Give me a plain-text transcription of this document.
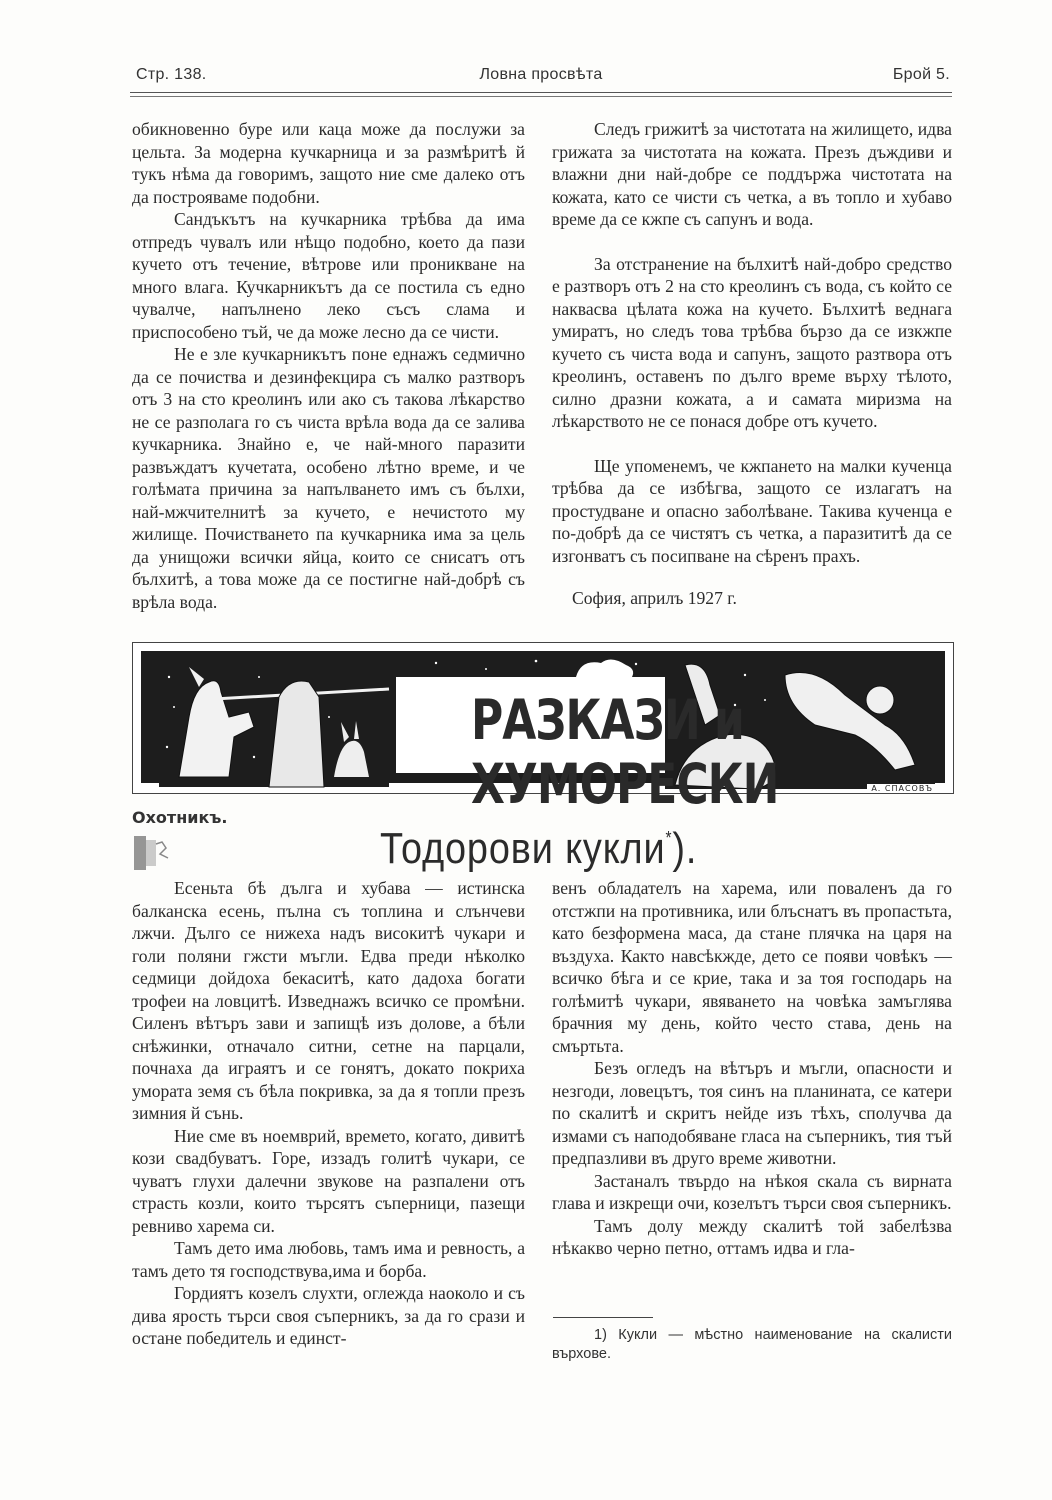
Стр. 138.	Ловна просвѣта	Брой 5.

обикновенно буре или каца може да послужи за цельта. За модерна кучкарница и за размѣритѣ й тукъ нѣма да говоримъ, защото ние сме далеко отъ да построяваме подобни.

Сандъкътъ на кучкарника трѣбва да има отпредъ чувалъ или нѣщо подобно, което да пази кучето отъ течение, вѣтрове или проникване на много влага. Кучкарникътъ да се постила съ едно чувалче, напълнено леко съсъ слама и приспособено тъй, че да може лесно да се чисти.

Не е зле кучкарникътъ поне еднажъ седмично да се почиства и дезинфекцира съ малко разтворъ отъ 3 на сто креолинъ или ако съ такова лѣкарство не се разполага го съ чиста врѣла вода да се залива кучкарника. Знайно е, че най-много паразити развъждатъ кучетата, особено лѣтно време, и че голѣмата причина за напълването имъ съ бълхи, най-мжчителнитѣ за кучето, е нечистото му жилище. Почистването па кучкарника има за цель да унищожи всички яйца, които се снисатъ отъ бълхитѣ, а това може да се постигне най-добрѣ съ врѣла вода.

Следъ грижитѣ за чистотата на жилището, идва грижата за чистотата на кожата. Презъ дъждиви и влажни дни най-добре се поддържа чистотата на кожата, като се чисти съ четка, а въ топло и хубаво време да се кжпе съ сапунъ и вода.

За отстранение на бълхитѣ най-добро средство е разтворъ отъ 2 на сто креолинъ съ вода, съ който се наквасва цѣлата кожа на кучето. Бълхитѣ веднага умиратъ, но следъ това трѣбва бързо да се изкжпе кучето съ чиста вода и сапунъ, защото разтвора отъ креолинъ, оставенъ по дълго време върху тѣлото, силно дразни кожата, а и самата миризма на лѣкарството не се понася добре отъ кучето.

Ще упоменемъ, че кжпането на малки кученца трѣбва да се избѣгва, защото се излагатъ на простудване и опасно заболѣване. Такива кученца е по-добрѣ да се чистятъ съ четка, а паразититѣ да се изгонватъ съ посипване на сѣренъ прахъ.

София, априлъ 1927 г.

РАЗКАЗИ и ХУМОРЕСКИ	А. СПАСОВЪ
Охотникъ.
Тодорови кукли*).

Есеньта бѣ дълга и хубава — истинска балканска есень, пълна съ топлина и слънчеви лжчи. Дълго се нижеха надъ високитѣ чукари и голи поляни гжсти мъгли. Едва преди нѣколко седмици дойдоха бекаситѣ, като дадоха богати трофеи на ловцитѣ. Изведнажъ всичко се промѣни. Силенъ вѣтъръ зави и запищѣ изъ долове, а бѣли снѣжинки, отначало ситни, сетне на парцали, почнаха да играятъ и се гонятъ, докато покриха умората земя съ бѣла покривка, за да я топли презъ зимния й сънь.

Ние сме въ ноемврий, времето, когато, дивитѣ кози свадбуватъ. Горе, иззадъ голитѣ чукари, се чуватъ глухи далечни звукове на разпалени отъ страсть козли, които търсятъ съперници, пазещи ревниво харема си.

Тамъ дето има любовь, тамъ има и ревность, а тамъ дето тя господствува,има и борба.

Гордиятъ козелъ слухти, оглежда наоколо и съ дива ярость търси своя съперникъ, за да го срази и остане победитель и единст-

венъ обладателъ на харема, или поваленъ да го отстжпи на противника, или блъснатъ въ пропастьта, като безформена маса, да стане плячка на царя на въздуха. Както навсѣкжде, дето се появи човѣкъ — всичко бѣга и се крие, така и за тоя господарь на голѣмитѣ чукари, явяването на човѣка замъглява брачния му день, който често става, день на смъртьта.

Безъ огледъ на вѣтъръ и мъгли, опасности и незгоди, ловецътъ, тоя синъ на планината, се катери по скалитѣ и скритъ нейде изъ тѣхъ, сполучва да измами съ наподобяване гласа на съперникъ, тия тъй предпазливи въ друго време животни.

Застаналъ твърдо на нѣкоя скала съ вирната глава и изкрещи очи, козелътъ търси своя съперникъ.

Тамъ долу между скалитѣ той забелѣзва нѣкакво черно петно, оттамъ идва и гла-

1) Кукли — мѣстно наименование на скалисти върхове.
